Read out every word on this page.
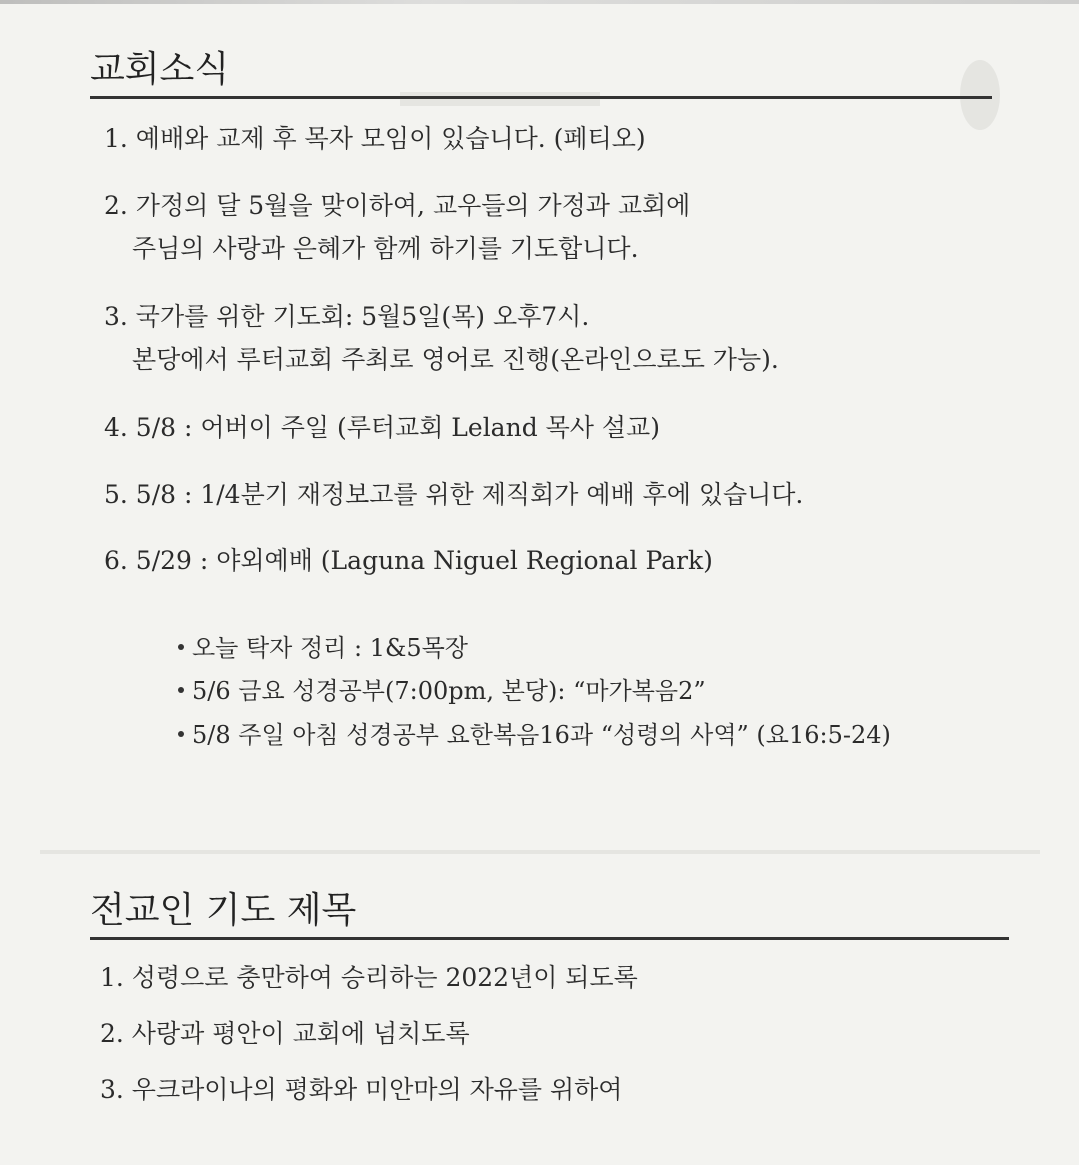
교회소식
1. 예배와 교제 후 목자 모임이 있습니다. (페티오)
2. 가정의 달 5월을 맞이하여, 교우들의 가정과 교회에
주님의 사랑과 은혜가 함께 하기를 기도합니다.
3. 국가를 위한 기도회: 5월5일(목) 오후7시.
본당에서 루터교회 주최로 영어로 진행(온라인으로도 가능).
4. 5/8 : 어버이 주일 (루터교회 Leland 목사 설교)
5. 5/8 : 1/4분기 재정보고를 위한 제직회가 예배 후에 있습니다.
6. 5/29 : 야외예배 (Laguna Niguel Regional Park)
오늘 탁자 정리 : 1&5목장
5/6 금요 성경공부(7:00pm, 본당): “마가복음2”
5/8 주일 아침 성경공부 요한복음16과 “성령의 사역” (요16:5-24)
전교인 기도 제목
1. 성령으로 충만하여 승리하는 2022년이 되도록
2. 사랑과 평안이 교회에 넘치도록
3. 우크라이나의 평화와 미안마의 자유를 위하여
